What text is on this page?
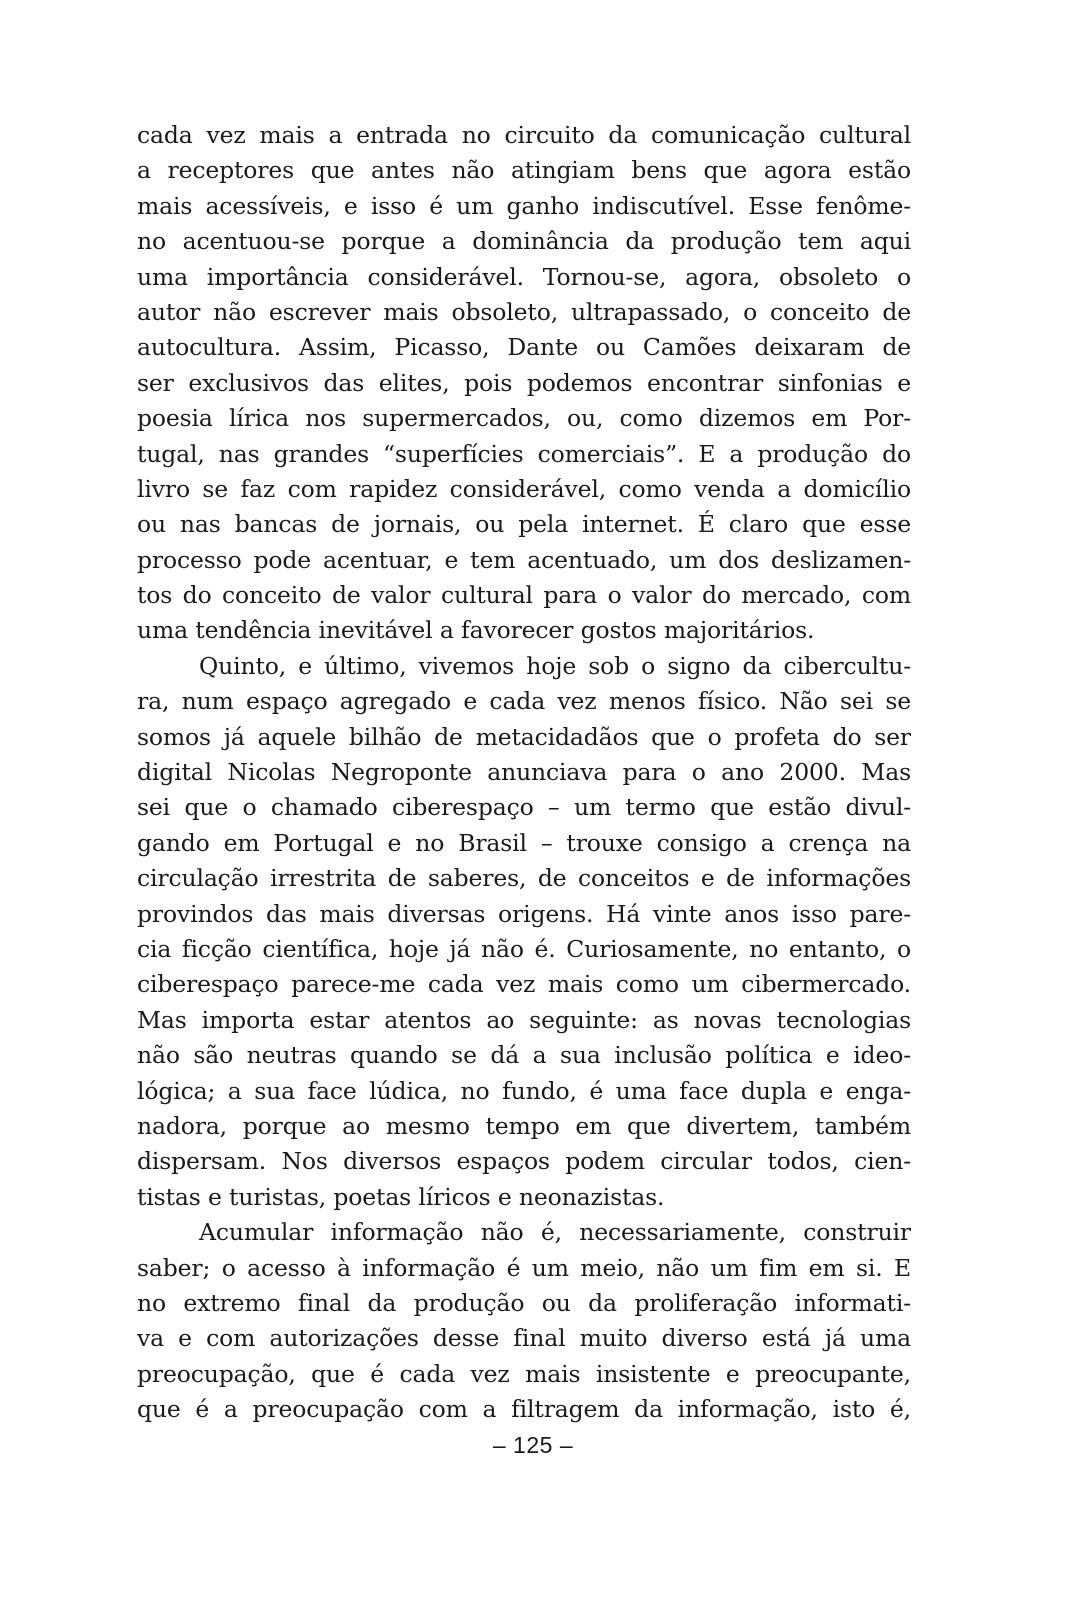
cada vez mais a entrada no circuito da comunicação cultural
a receptores que antes não atingiam bens que agora estão
mais acessíveis, e isso é um ganho indiscutível. Esse fenôme-
no acentuou-se porque a dominância da produção tem aqui
uma importância considerável. Tornou-se, agora, obsoleto o
autor não escrever mais obsoleto, ultrapassado, o conceito de
autocultura. Assim, Picasso, Dante ou Camões deixaram de
ser exclusivos das elites, pois podemos encontrar sinfonias e
poesia lírica nos supermercados, ou, como dizemos em Por-
tugal, nas grandes “superfícies comerciais”. E a produção do
livro se faz com rapidez considerável, como venda a domicílio
ou nas bancas de jornais, ou pela internet. É claro que esse
processo pode acentuar, e tem acentuado, um dos deslizamen-
tos do conceito de valor cultural para o valor do mercado, com
uma tendência inevitável a favorecer gostos majoritários.
Quinto, e último, vivemos hoje sob o signo da cibercultu-
ra, num espaço agregado e cada vez menos físico. Não sei se
somos já aquele bilhão de metacidadãos que o profeta do ser
digital Nicolas Negroponte anunciava para o ano 2000. Mas
sei que o chamado ciberespaço – um termo que estão divul-
gando em Portugal e no Brasil – trouxe consigo a crença na
circulação irrestrita de saberes, de conceitos e de informações
provindos das mais diversas origens. Há vinte anos isso pare-
cia ficção científica, hoje já não é. Curiosamente, no entanto, o
ciberespaço parece-me cada vez mais como um cibermercado.
Mas importa estar atentos ao seguinte: as novas tecnologias
não são neutras quando se dá a sua inclusão política e ideo-
lógica; a sua face lúdica, no fundo, é uma face dupla e enga-
nadora, porque ao mesmo tempo em que divertem, também
dispersam. Nos diversos espaços podem circular todos, cien-
tistas e turistas, poetas líricos e neonazistas.
Acumular informação não é, necessariamente, construir
saber; o acesso à informação é um meio, não um fim em si. E
no extremo final da produção ou da proliferação informati-
va e com autorizações desse final muito diverso está já uma
preocupação, que é cada vez mais insistente e preocupante,
que é a preocupação com a filtragem da informação, isto é,
– 125 –
